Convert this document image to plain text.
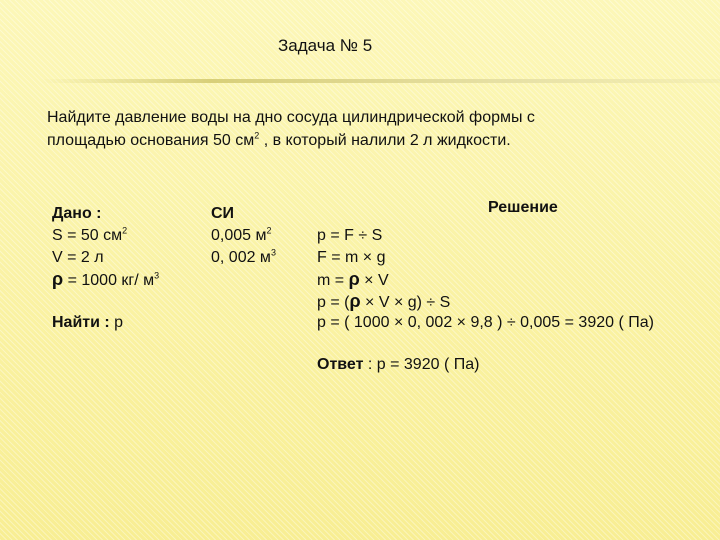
Задача № 5
Найдите давление воды на дно сосуда цилиндрической формы с
площадью основания 50 $см^2$ , в который налили 2 л жидкости.
Дано :
S = 50 $см^2$
V = 2 л
ρ = 1000 кг/ $м^3$
Найти : р
СИ
0,005 $м^2$
0, 002 $м^3$
Решение
р = F ÷ S
F = m × g
m = ρ × V
р = (ρ × V × g) ÷ S
р = ( 1000 × 0, 002 × 9,8 ) ÷ 0,005 = 3920 ( Па)
Ответ : р = 3920 ( Па)
